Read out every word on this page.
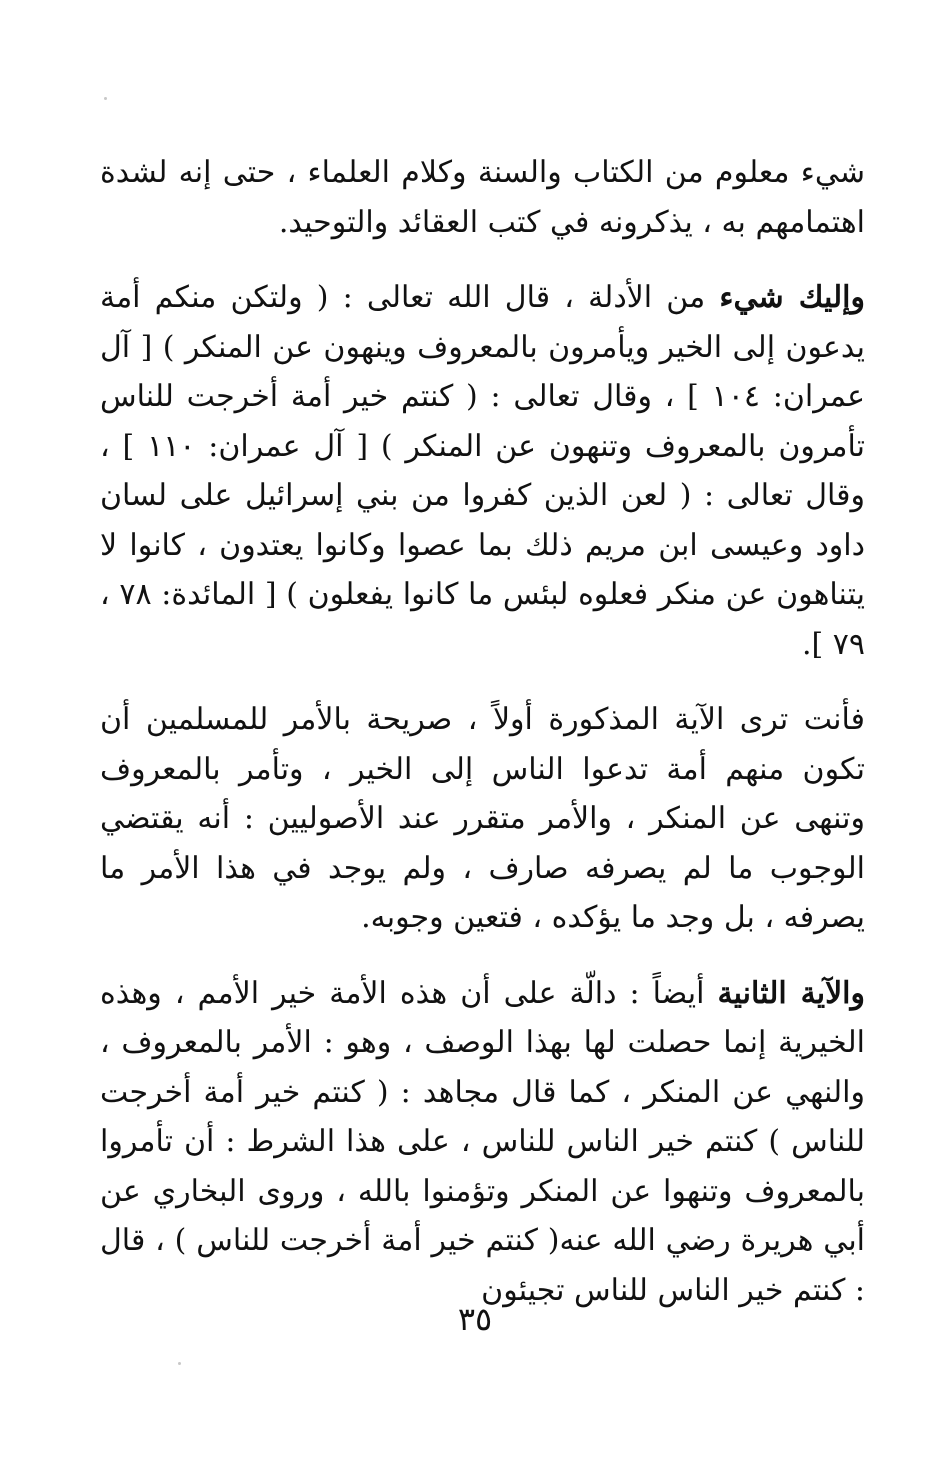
شيء معلوم من الكتاب والسنة وكلام العلماء ، حتى إنه لشدة اهتمامهم به ، يذكرونه في كتب العقائد والتوحيد.

وإليك شيء من الأدلة ، قال الله تعالى : ( ولتكن منكم أمة يدعون إلى الخير ويأمرون بالمعروف وينهون عن المنكر ) [ آل عمران: ١٠٤ ] ، وقال تعالى : ( كنتم خير أمة أخرجت للناس تأمرون بالمعروف وتنهون عن المنكر ) [ آل عمران: ١١٠ ] ، وقال تعالى : ( لعن الذين كفروا من بني إسرائيل على لسان داود وعيسى ابن مريم ذلك بما عصوا وكانوا يعتدون ، كانوا لا يتناهون عن منكر فعلوه لبئس ما كانوا يفعلون ) [ المائدة: ٧٨ ، ٧٩ ].

فأنت ترى الآية المذكورة أولاً ، صريحة بالأمر للمسلمين أن تكون منهم أمة تدعوا الناس إلى الخير ، وتأمر بالمعروف وتنهى عن المنكر ، والأمر متقرر عند الأصوليين : أنه يقتضي الوجوب ما لم يصرفه صارف ، ولم يوجد في هذا الأمر ما يصرفه ، بل وجد ما يؤكده ، فتعين وجوبه.

والآية الثانية أيضاً : دالّة على أن هذه الأمة خير الأمم ، وهذه الخيرية إنما حصلت لها بهذا الوصف ، وهو : الأمر بالمعروف ، والنهي عن المنكر ، كما قال مجاهد : ( كنتم خير أمة أخرجت للناس ) كنتم خير الناس للناس ، على هذا الشرط : أن تأمروا بالمعروف وتنهوا عن المنكر وتؤمنوا بالله ، وروى البخاري عن أبي هريرة رضي الله عنه( كنتم خير أمة أخرجت للناس ) ، قال : كنتم خير الناس للناس تجيئون

٣٥
